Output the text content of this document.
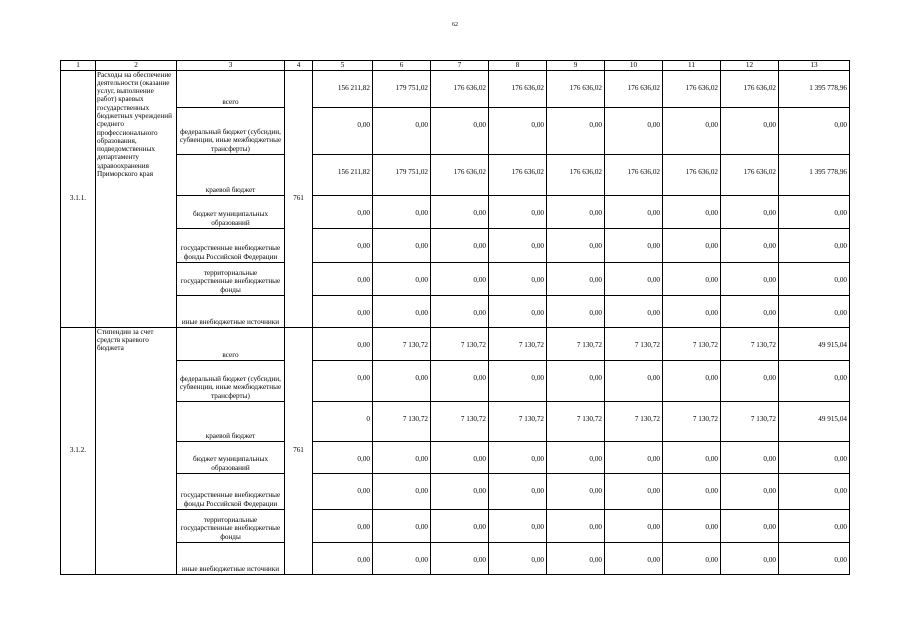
62
1	2	3	4	5	6	7	8	9	10	11	12	13
3.1.1.	Расходы на обеспечение деятельности (оказание услуг, выполнение работ) краевых государственных бюджетных учреждений среднего профессионального образования, подведомственных департаменту здравоохранения Приморского края	всего	761	156 211,82	179 751,02	176 636,02	176 636,02	176 636,02	176 636,02	176 636,02	176 636,02	1 395 778,96
		федеральный бюджет (субсидии, субвенции, иные межбюджетные трансферты)		0,00	0,00	0,00	0,00	0,00	0,00	0,00	0,00	0,00
		краевой бюджет		156 211,82	179 751,02	176 636,02	176 636,02	176 636,02	176 636,02	176 636,02	176 636,02	1 395 778,96
		бюджет муниципальных образований		0,00	0,00	0,00	0,00	0,00	0,00	0,00	0,00	0,00
		государственные внебюджетные фонды Российской Федерации		0,00	0,00	0,00	0,00	0,00	0,00	0,00	0,00	0,00
		территориальные государственные внебюджетные фонды		0,00	0,00	0,00	0,00	0,00	0,00	0,00	0,00	0,00
		иные внебюджетные источники		0,00	0,00	0,00	0,00	0,00	0,00	0,00	0,00	0,00
3.1.2.	Стипендии за счет средств краевого бюджета	всего	761	0,00	7 130,72	7 130,72	7 130,72	7 130,72	7 130,72	7 130,72	7 130,72	49 915,04
		федеральный бюджет (субсидии, субвенции, иные межбюджетные трансферты)		0,00	0,00	0,00	0,00	0,00	0,00	0,00	0,00	0,00
		краевой бюджет		0	7 130,72	7 130,72	7 130,72	7 130,72	7 130,72	7 130,72	7 130,72	49 915,04
		бюджет муниципальных образований		0,00	0,00	0,00	0,00	0,00	0,00	0,00	0,00	0,00
		государственные внебюджетные фонды Российской Федерации		0,00	0,00	0,00	0,00	0,00	0,00	0,00	0,00	0,00
		территориальные государственные внебюджетные фонды		0,00	0,00	0,00	0,00	0,00	0,00	0,00	0,00	0,00
		иные внебюджетные источники		0,00	0,00	0,00	0,00	0,00	0,00	0,00	0,00	0,00
